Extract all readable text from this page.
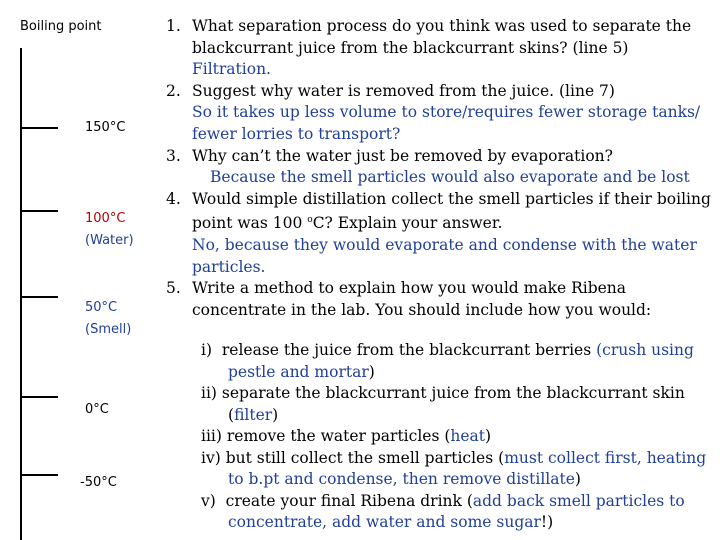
Boiling point
150°C
100°C
(Water)
50°C
(Smell)
0°C
-50°C
1. What separation process do you think was used to separate the
blackcurrant juice from the blackcurrant skins? (line 5)
Filtration.
2. Suggest why water is removed from the juice. (line 7)
So it takes up less volume to store/requires fewer storage tanks/
fewer lorries to transport?
3. Why can’t the water just be removed by evaporation?
Because the smell particles would also evaporate and be lost
4. Would simple distillation collect the smell particles if their boiling
point was 100 $^o$C? Explain your answer.
No, because they would evaporate and condense with the water
particles.
5. Write a method to explain how you would make Ribena
concentrate in the lab. You should include how you would:
i) release the juice from the blackcurrant berries (crush using
pestle and mortar)
ii) separate the blackcurrant juice from the blackcurrant skin
(filter)
iii) remove the water particles (heat)
iv) but still collect the smell particles (must collect first, heating
to b.pt and condense, then remove distillate)
v) create your final Ribena drink (add back smell particles to
concentrate, add water and some sugar!)
